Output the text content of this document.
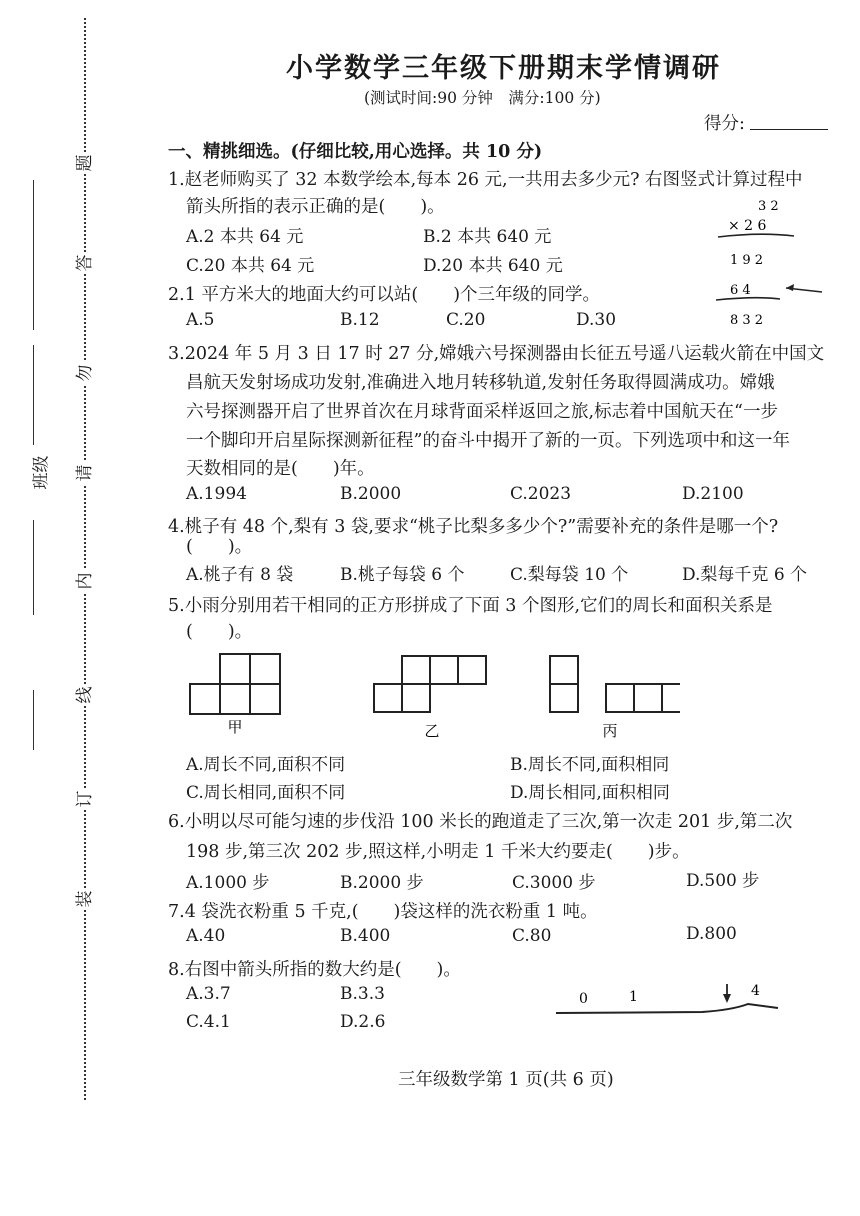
题
答
勿
请
内
线
订
装
班级
小学数学三年级下册期末学情调研
(测试时间:90 分钟　满分:100 分)
得分:
一、精挑细选。(仔细比较,用心选择。共 10 分)
1.赵老师购买了 32 本数学绘本,每本 26 元,一共用去多少元? 右图竖式计算过程中
箭头所指的表示正确的是(　　)。
A.2 本共 64 元	B.2 本共 640 元
C.20 本共 64 元	D.20 本共 640 元
3 2
× 2 6
1 9 2
6 4
8 3 2
2.1 平方米大的地面大约可以站(　　)个三年级的同学。
A.5	B.12	C.20	D.30
3.2024 年 5 月 3 日 17 时 27 分,嫦娥六号探测器由长征五号遥八运载火箭在中国文
昌航天发射场成功发射,准确进入地月转移轨道,发射任务取得圆满成功。嫦娥
六号探测器开启了世界首次在月球背面采样返回之旅,标志着中国航天在“一步
一个脚印开启星际探测新征程”的奋斗中揭开了新的一页。下列选项中和这一年
天数相同的是(　　)年。
A.1994	B.2000	C.2023	D.2100
4.桃子有 48 个,梨有 3 袋,要求“桃子比梨多多少个?”需要补充的条件是哪一个?
(　　)。
A.桃子有 8 袋	B.桃子每袋 6 个	C.梨每袋 10 个	D.梨每千克 6 个
5.小雨分别用若干相同的正方形拼成了下面 3 个图形,它们的周长和面积关系是
(　　)。
甲	乙	丙
A.周长不同,面积不同	B.周长不同,面积相同
C.周长相同,面积不同	D.周长相同,面积相同
6.小明以尽可能匀速的步伐沿 100 米长的跑道走了三次,第一次走 201 步,第二次
198 步,第三次 202 步,照这样,小明走 1 千米大约要走(　　)步。
A.1000 步	B.2000 步	C.3000 步	D.500 步
7.4 袋洗衣粉重 5 千克,(　　)袋这样的洗衣粉重 1 吨。
A.40	B.400	C.80	D.800
8.右图中箭头所指的数大约是(　　)。
A.3.7	B.3.3
C.4.1	D.2.6
0	1	4
三年级数学第 1 页(共 6 页)
